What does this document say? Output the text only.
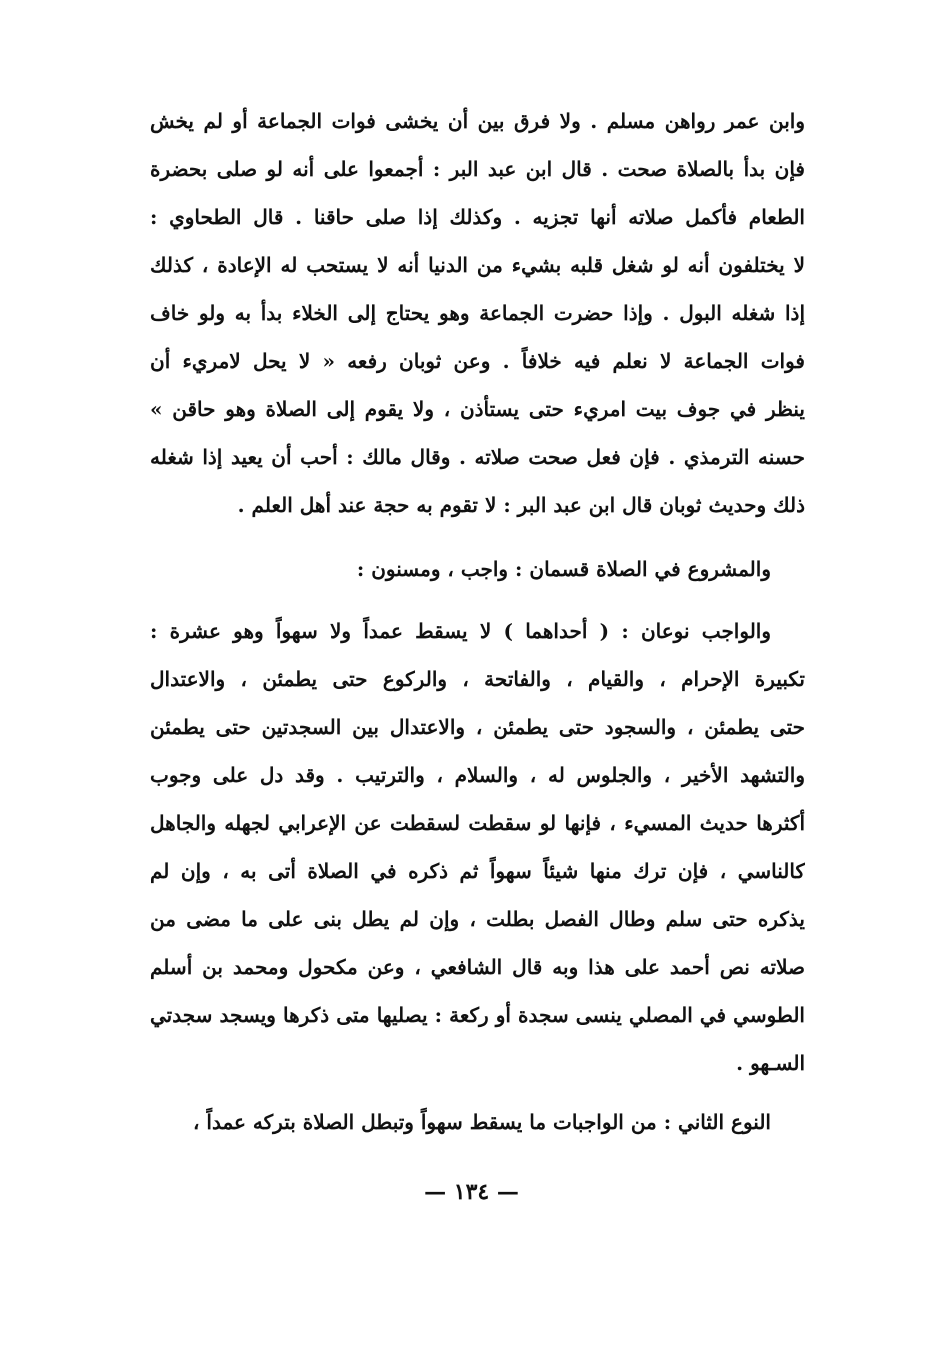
وابن عمر رواهن مسلم . ولا فرق بين أن يخشى فوات الجماعة أو لم يخش
فإن بدأ بالصلاة صحت . قال ابن عبد البر : أجمعوا على أنه لو صلى بحضرة
الطعام فأكمل صلاته أنها تجزيه . وكذلك إذا صلى حاقنا . قال الطحاوي :
لا يختلفون أنه لو شغل قلبه بشيء من الدنيا أنه لا يستحب له الإعادة ، كذلك
إذا شغله البول . وإذا حضرت الجماعة وهو يحتاج إلى الخلاء بدأ به ولو خاف
فوات الجماعة لا نعلم فيه خلافاً . وعن ثوبان رفعه « لا يحل لامريء أن
ينظر في جوف بيت امريء حتى يستأذن ، ولا يقوم إلى الصلاة وهو حاقن »
حسنه الترمذي . فإن فعل صحت صلاته . وقال مالك : أحب أن يعيد إذا شغله
ذلك وحديث ثوبان قال ابن عبد البر : لا تقوم به حجة عند أهل العلم .
والمشروع في الصلاة قسمان : واجب ، ومسنون :
والواجب نوعان : ( أحداهما ) لا يسقط عمداً ولا سهواً وهو عشرة :
تكبيرة الإحرام ، والقيام ، والفاتحة ، والركوع حتى يطمئن ، والاعتدال
حتى يطمئن ، والسجود حتى يطمئن ، والاعتدال بين السجدتين حتى يطمئن
والتشهد الأخير ، والجلوس له ، والسلام ، والترتيب . وقد دل على وجوب
أكثرها حديث المسيء ، فإنها لو سقطت لسقطت عن الإعرابي لجهله والجاهل
كالناسي ، فإن ترك منها شيئاً سهواً ثم ذكره في الصلاة أتى به ، وإن لم
يذكره حتى سلم وطال الفصل بطلت ، وإن لم يطل بنى على ما مضى من
صلاته نص أحمد على هذا وبه قال الشافعي ، وعن مكحول ومحمد بن أسلم
الطوسي في المصلي ينسى سجدة أو ركعة : يصليها متى ذكرها ويسجد سجدتي
السـهو .
النوع الثاني : من الواجبات ما يسقط سهواً وتبطل الصلاة بتركه عمداً ،
— ١٣٤ —
